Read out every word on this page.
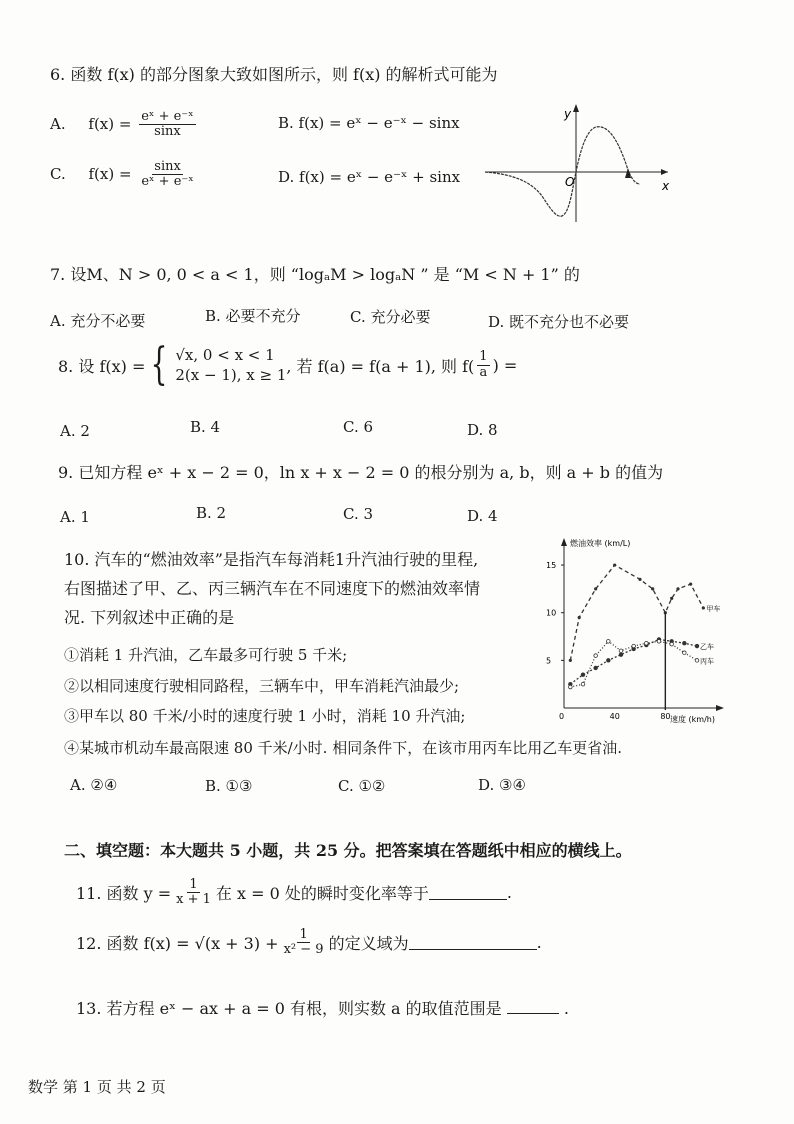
6. 函数 f(x) 的部分图象大致如图所示，则 f(x) 的解析式可能为
A. $f(x) = \frac{\text{eˣ + e⁻ˣ}}{\sin x}$	B. f(x) = eˣ − e⁻ˣ − sinx
C. $f(x) = \frac{\sin x}{\text{eˣ + e⁻ˣ}}$	D. f(x) = eˣ − e⁻ˣ + sinx
y
x
O
7. 设M、N > 0, 0 < a < 1，则 “logₐM > logₐN ” 是 “M < N + 1” 的
A. 充分不必要	B. 必要不充分	C. 充分必要	D. 既不充分也不必要
8. 设 f(x) = { √x, 0 < x < 1
2(x − 1), x ≥ 1 , 若 f(a) = f(a + 1), 则 $f( \frac{1}{a}$ ) =
A. 2	B. 4	C. 6	D. 8
9. 已知方程 eˣ + x − 2 = 0，ln x + x − 2 = 0 的根分别为 a, b，则 a + b 的值为
A. 1	B. 2	C. 3	D. 4
10. 汽车的“燃油效率”是指汽车每消耗1升汽油行驶的里程,
右图描述了甲、乙、丙三辆汽车在不同速度下的燃油效率情
况. 下列叙述中正确的是
①消耗 1 升汽油，乙车最多可行驶 5 千米;
②以相同速度行驶相同路程，三辆车中，甲车消耗汽油最少;
③甲车以 80 千米/小时的速度行驶 1 小时，消耗 10 升汽油;
④某城市机动车最高限速 80 千米/小时. 相同条件下，在该市用丙车比用乙车更省油.
A. ②④	B. ①③	C. ①②	D. ③④
燃油效率 (km/L)
速度 (km/h)
0	40	80
5
10
15
甲车
乙车
丙车
二、填空题：本大题共 5 小题，共 25 分。把答案填在答题纸中相应的横线上。
11. 函数 $y = \frac{1}{x + 1}$ 在 x = 0 处的瞬时变化率等于	.
12. 函数 $f(x) = √(x + 3) + \frac{1}{\text{x² − 9}}$ 的定义域为	.
13. 若方程 eˣ − ax + a = 0 有根，则实数 a 的取值范围是	.
数学 第 1 页 共 2 页
